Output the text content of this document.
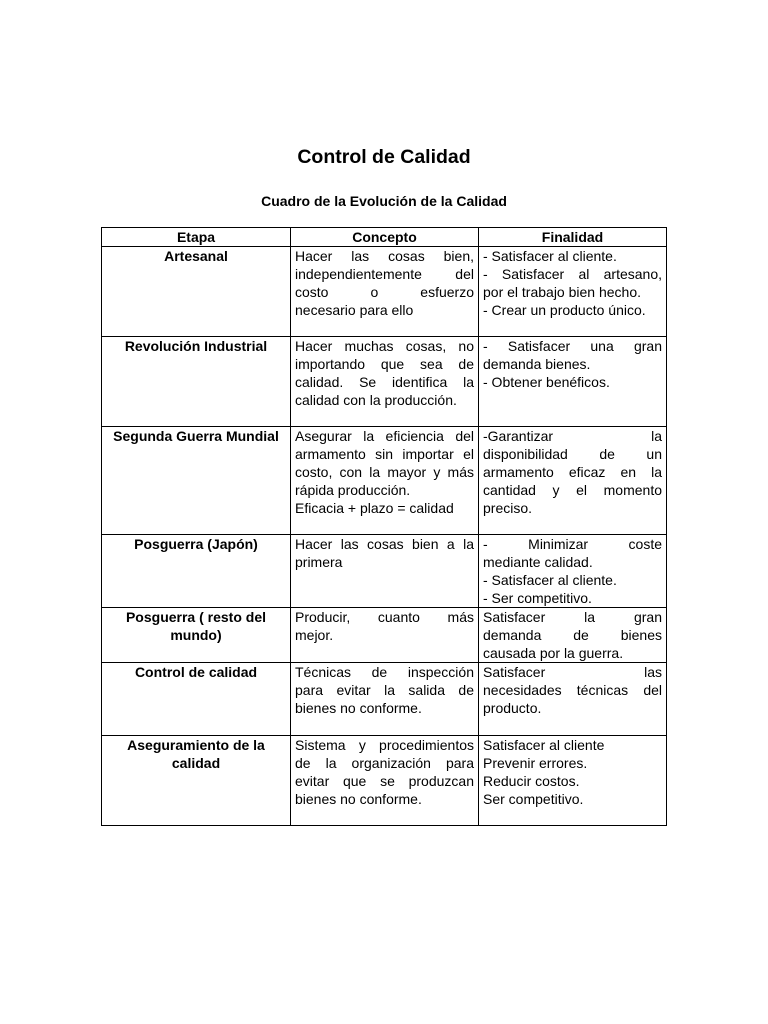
Control de Calidad
Cuadro de la Evolución de la Calidad
Etapa	Concepto	Finalidad
Artesanal	Hacer las cosas bien,
independientemente del
costo o esfuerzo
necesario para ello	- Satisfacer al cliente.
- Satisfacer al artesano,
por el trabajo bien hecho.
- Crear un producto único.

Revolución Industrial	Hacer muchas cosas, no
importando que sea de
calidad. Se identifica la
calidad con la producción.	- Satisfacer una gran
demanda bienes.
- Obtener benéficos.

Segunda Guerra Mundial	Asegurar la eficiencia del
armamento sin importar el
costo, con la mayor y más
rápida producción.
Eficacia + plazo = calidad	-Garantizar la
disponibilidad de un
armamento eficaz en la
cantidad y el momento
preciso.

Posguerra (Japón)	Hacer las cosas bien a la
primera	- Minimizar coste
mediante calidad.
- Satisfacer al cliente.
- Ser competitivo.

Posguerra ( resto del
mundo)	Producir, cuanto más
mejor.	Satisfacer la gran
demanda de bienes
causada por la guerra.

Control de calidad	Técnicas de inspección
para evitar la salida de
bienes no conforme.	Satisfacer las
necesidades técnicas del
producto.

Aseguramiento de la
calidad	Sistema y procedimientos
de la organización para
evitar que se produzcan
bienes no conforme.	Satisfacer al cliente
Prevenir errores.
Reducir costos.
Ser competitivo.
